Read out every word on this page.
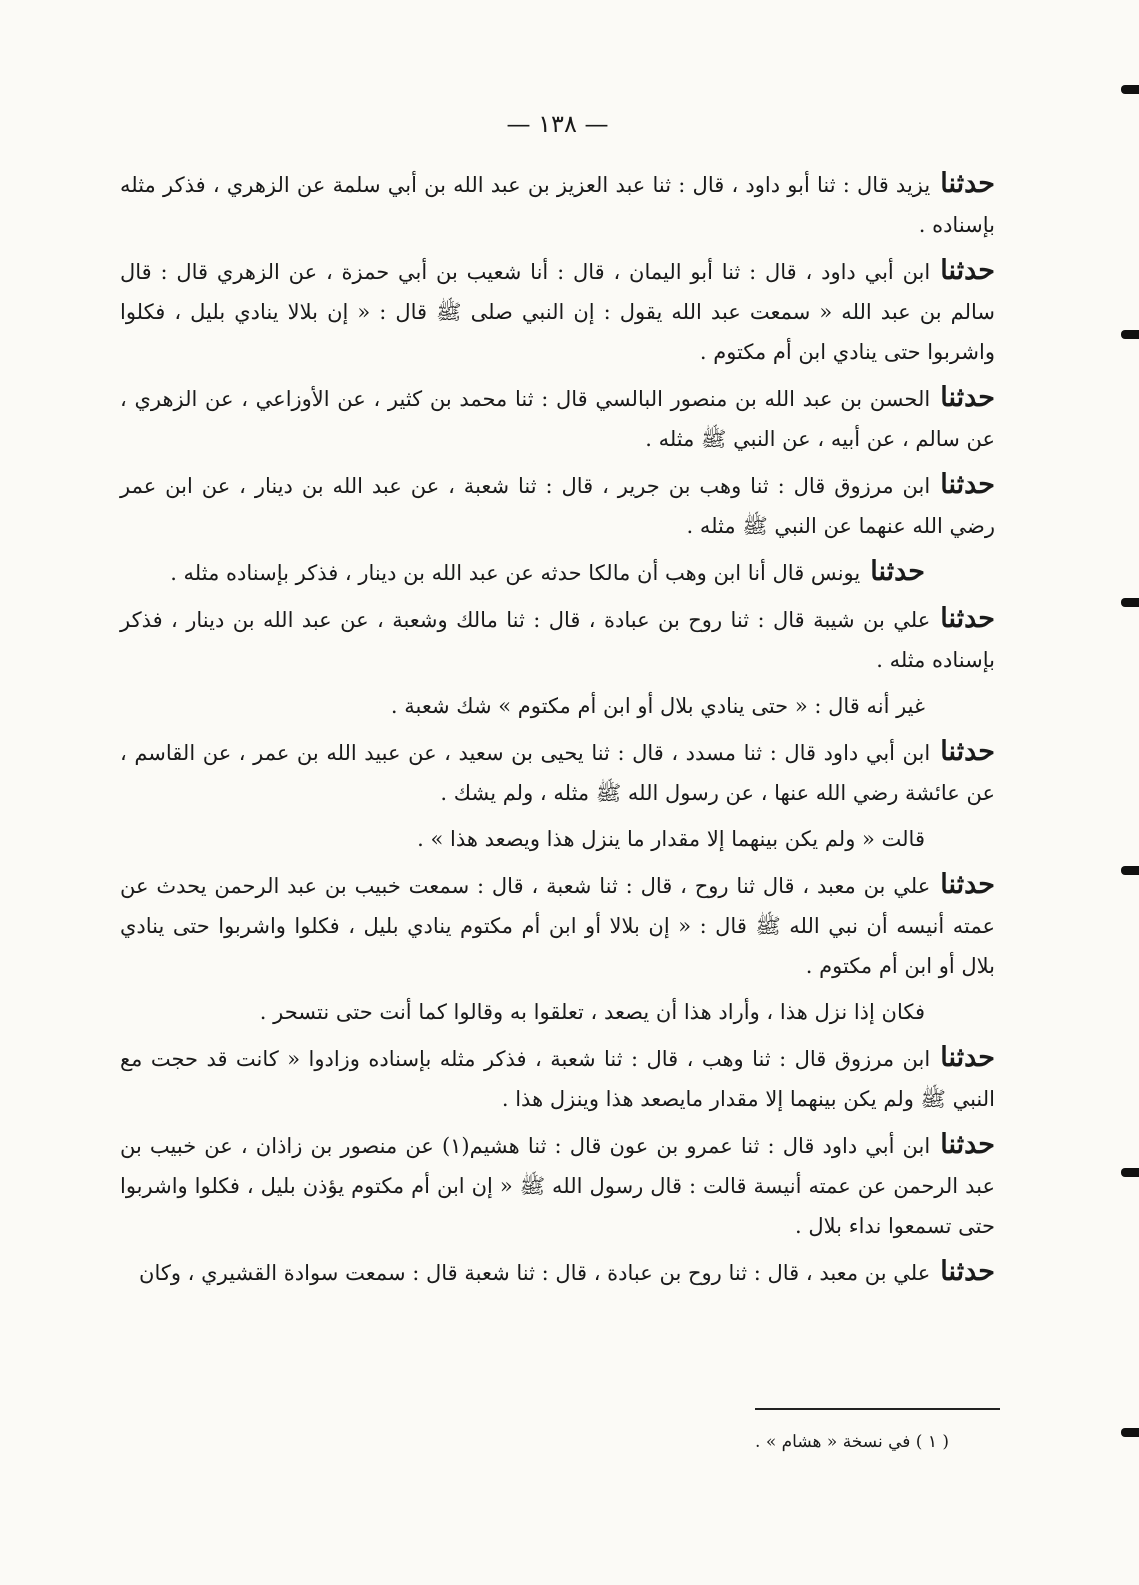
— ١٣٨ —

حدثنايزيد قال : ثنا أبو داود ، قال : ثنا عبد العزيز بن عبد الله بن أبي سلمة عن الزهري ، فذكر مثله بإسناده .

حدثناابن أبي داود ، قال : ثنا أبو اليمان ، قال : أنا شعيب بن أبي حمزة ، عن الزهري قال : قال سالم بن عبد الله « سمعت عبد الله يقول : إن النبي صلى ﷺ قال : « إن بلالا ينادي بليل ، فكلوا واشربوا حتى ينادي ابن أم مكتوم .

حدثناالحسن بن عبد الله بن منصور البالسي قال : ثنا محمد بن كثير ، عن الأوزاعي ، عن الزهري ، عن سالم ، عن أبيه ، عن النبي ﷺ مثله .

حدثناابن مرزوق قال : ثنا وهب بن جرير ، قال : ثنا شعبة ، عن عبد الله بن دينار ، عن ابن عمر رضي الله عنهما عن النبي ﷺ مثله .

حدثنايونس قال أنا ابن وهب أن مالكا حدثه عن عبد الله بن دينار ، فذكر بإسناده مثله .

حدثناعلي بن شيبة قال : ثنا روح بن عبادة ، قال : ثنا مالك وشعبة ، عن عبد الله بن دينار ، فذكر بإسناده مثله .

غير أنه قال : « حتى ينادي بلال أو ابن أم مكتوم » شك شعبة .

حدثناابن أبي داود قال : ثنا مسدد ، قال : ثنا يحيى بن سعيد ، عن عبيد الله بن عمر ، عن القاسم ، عن عائشة رضي الله عنها ، عن رسول الله ﷺ مثله ، ولم يشك .

قالت « ولم يكن بينهما إلا مقدار ما ينزل هذا ويصعد هذا » .

حدثناعلي بن معبد ، قال ثنا روح ، قال : ثنا شعبة ، قال : سمعت خبيب بن عبد الرحمن يحدث عن عمته أنيسه أن نبي الله ﷺ قال : « إن بلالا أو ابن أم مكتوم ينادي بليل ، فكلوا واشربوا حتى ينادي بلال أو ابن أم مكتوم .

فكان إذا نزل هذا ، وأراد هذا أن يصعد ، تعلقوا به وقالوا كما أنت حتى نتسحر .

حدثناابن مرزوق قال : ثنا وهب ، قال : ثنا شعبة ، فذكر مثله بإسناده وزادوا « كانت قد حجت مع النبي ﷺ ولم يكن بينهما إلا مقدار مايصعد هذا وينزل هذا .

حدثناابن أبي داود قال : ثنا عمرو بن عون قال : ثنا هشيم(١) عن منصور بن زاذان ، عن خبيب بن عبد الرحمن عن عمته أنيسة قالت : قال رسول الله ﷺ « إن ابن أم مكتوم يؤذن بليل ، فكلوا واشربوا حتى تسمعوا نداء بلال .

حدثناعلي بن معبد ، قال : ثنا روح بن عبادة ، قال : ثنا شعبة قال : سمعت سوادة القشيري ، وكان

( ١ ) في نسخة « هشام » .
